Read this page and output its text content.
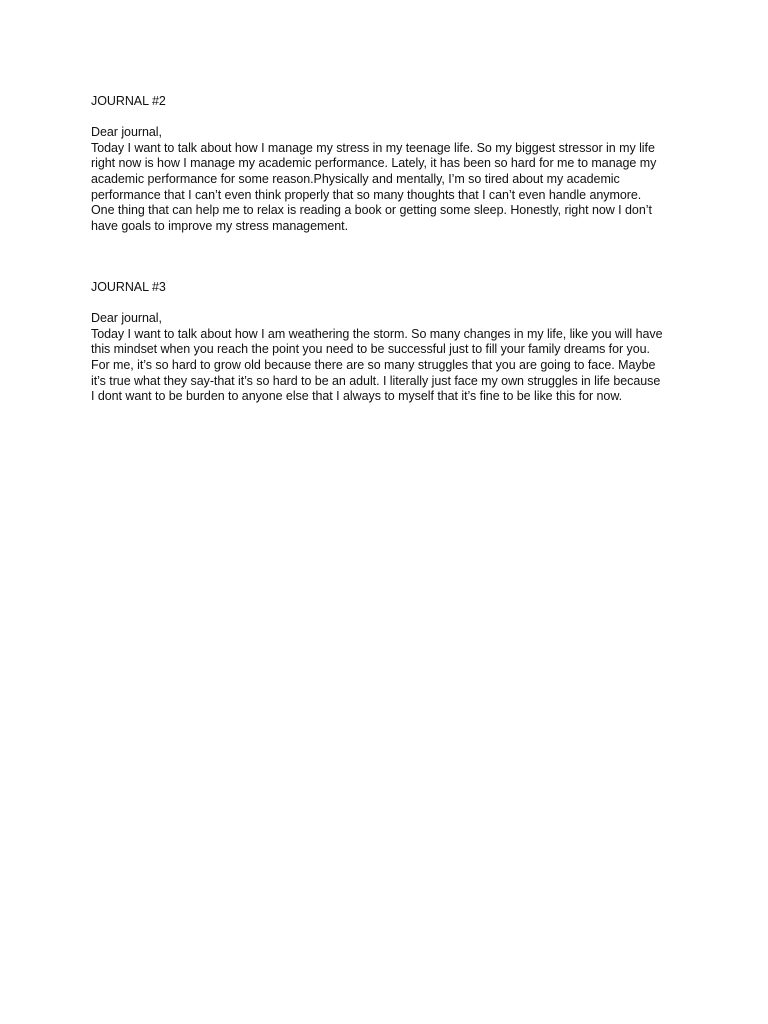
JOURNAL #2

Dear journal,

Today I want to talk about how I manage my stress in my teenage life. So my biggest stressor in my life
right now is how I manage my academic performance. Lately, it has been so hard for me to manage my
academic performance for some reason.Physically and mentally, I’m so tired about my academic
performance that I can’t even think properly that so many thoughts that I can’t even handle anymore.
One thing that can help me to relax is reading a book or getting some sleep. Honestly, right now I don’t
have goals to improve my stress management.

JOURNAL #3

Dear journal,

Today I want to talk about how I am weathering the storm. So many changes in my life, like you will have
this mindset when you reach the point you need to be successful just to fill your family dreams for you.
For me, it’s so hard to grow old because there are so many struggles that you are going to face. Maybe
it’s true what they say-that it’s so hard to be an adult. I literally just face my own struggles in life because
I dont want to be burden to anyone else that I always to myself that it’s fine to be like this for now.
